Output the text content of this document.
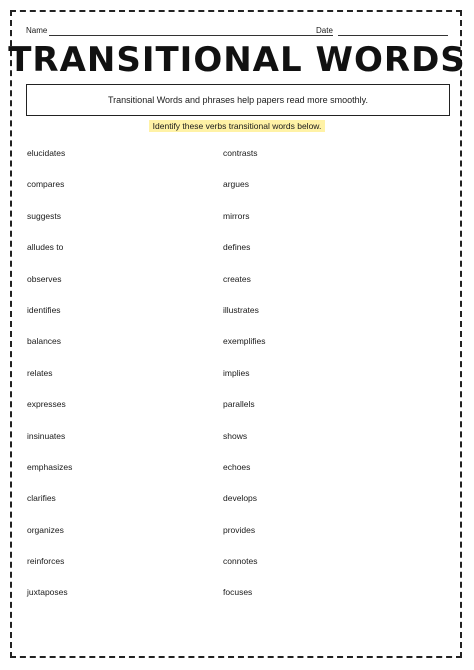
Name	Date
TRANSITIONAL WORDS
Transitional Words and phrases help papers read more smoothly.
Identify these verbs transitional words below.
elucidates
compares
suggests
alludes to
observes
identifies
balances
relates
expresses
insinuates
emphasizes
clarifies
organizes
reinforces
juxtaposes
contrasts
argues
mirrors
defines
creates
illustrates
exemplifies
implies
parallels
shows
echoes
develops
provides
connotes
focuses
